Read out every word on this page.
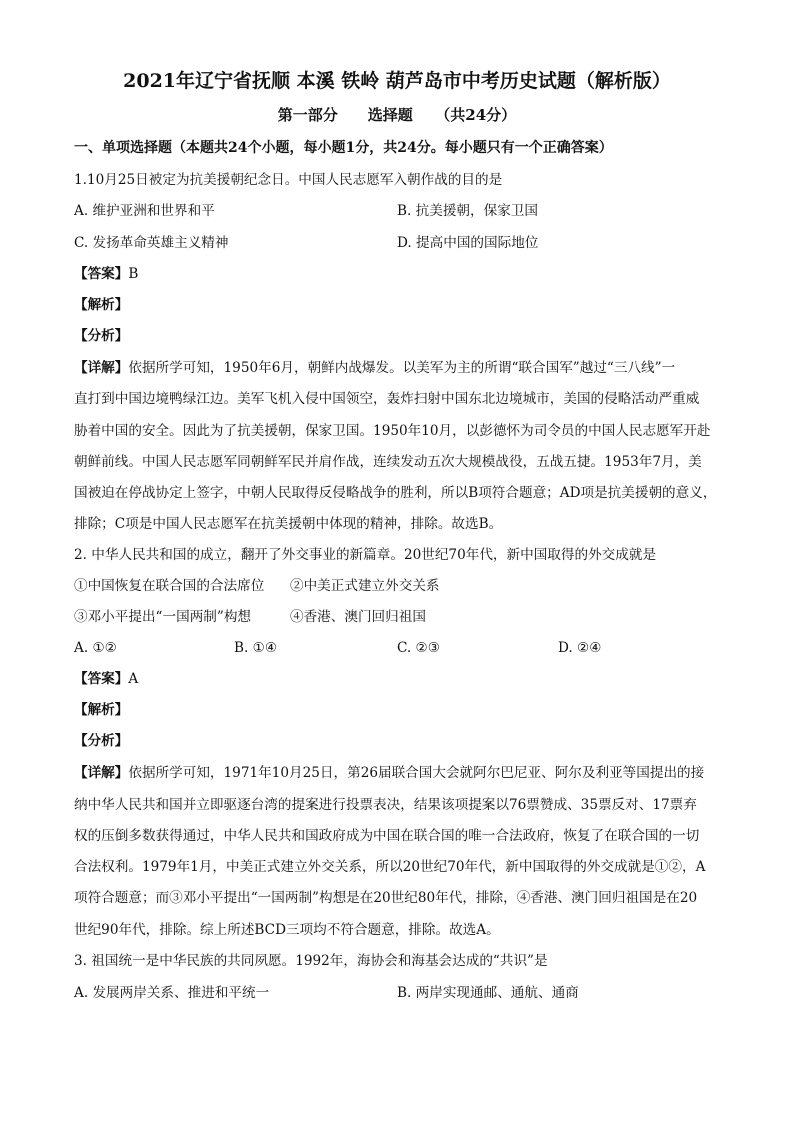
2021年辽宁省抚顺 本溪 铁岭 葫芦岛市中考历史试题（解析版）
第一部分　　选择题　　（共24分）
一、单项选择题（本题共24个小题，每小题1分，共24分。每小题只有一个正确答案）
1.10月25日被定为抗美援朝纪念日。中国人民志愿军入朝作战的目的是
A. 维护亚洲和世界和平	B. 抗美援朝，保家卫国
C. 发扬革命英雄主义精神	D. 提高中国的国际地位
【答案】B
【解析】
【分析】
【详解】依据所学可知，1950年6月，朝鲜内战爆发。以美军为主的所谓“联合国军”越过“三八线”一
直打到中国边境鸭绿江边。美军飞机入侵中国领空，轰炸扫射中国东北边境城市，美国的侵略活动严重威
胁着中国的安全。因此为了抗美援朝，保家卫国。1950年10月，以彭德怀为司令员的中国人民志愿军开赴
朝鲜前线。中国人民志愿军同朝鲜军民并肩作战，连续发动五次大规模战役，五战五捷。1953年7月，美
国被迫在停战协定上签字，中朝人民取得反侵略战争的胜利，所以B项符合题意；AD项是抗美援朝的意义，
排除；C项是中国人民志愿军在抗美援朝中体现的精神，排除。故选B。
2. 中华人民共和国的成立，翻开了外交事业的新篇章。20世纪70年代，新中国取得的外交成就是
①中国恢复在联合国的合法席位 ②中美正式建立外交关系
③邓小平提出“一国两制”构想	④香港、澳门回归祖国
A. ①②	B. ①④	C. ②③	D. ②④
【答案】A
【解析】
【分析】
【详解】依据所学可知，1971年10月25日，第26届联合国大会就阿尔巴尼亚、阿尔及利亚等国提出的接
纳中华人民共和国并立即驱逐台湾的提案进行投票表决，结果该项提案以76票赞成、35票反对、17票弃
权的压倒多数获得通过，中华人民共和国政府成为中国在联合国的唯一合法政府，恢复了在联合国的一切
合法权利。1979年1月，中美正式建立外交关系，所以20世纪70年代，新中国取得的外交成就是①②，A
项符合题意；而③邓小平提出“一国两制”构想是在20世纪80年代，排除，④香港、澳门回归祖国是在20
世纪90年代，排除。综上所述BCD三项均不符合题意，排除。故选A。
3. 祖国统一是中华民族的共同夙愿。1992年，海协会和海基会达成的“共识”是
A. 发展两岸关系、推进和平统一	B. 两岸实现通邮、通航、通商
